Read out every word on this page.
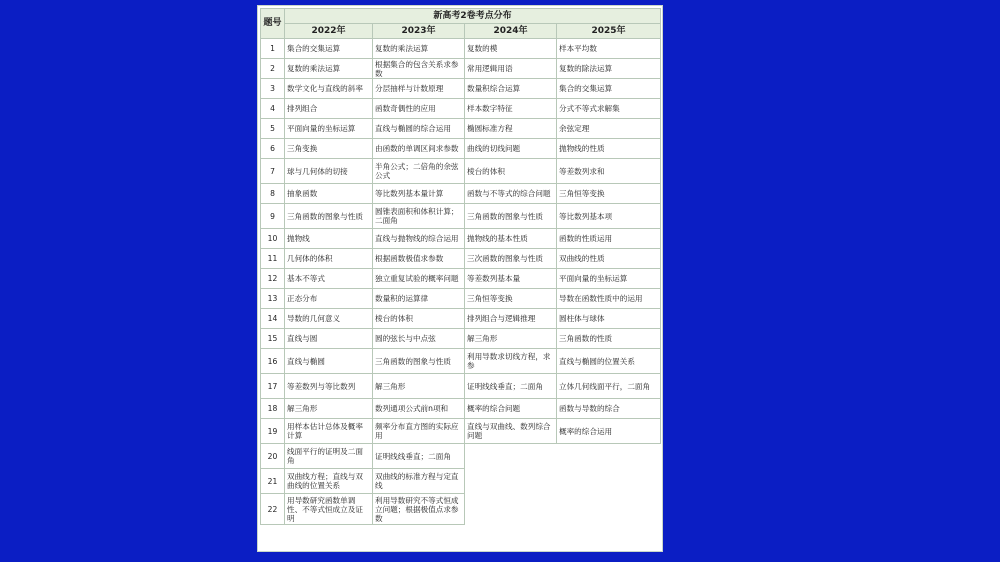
题号	新高考2卷考点分布			
	2022年	2023年	2024年	2025年
1	集合的交集运算	复数的乘法运算	复数的模	样本平均数
2	复数的乘法运算	根据集合的包含关系求参数	常用逻辑用语	复数的除法运算
3	数学文化与直线的斜率	分层抽样与计数原理	数量积综合运算	集合的交集运算
4	排列组合	函数奇偶性的应用	样本数字特征	分式不等式求解集
5	平面向量的坐标运算	直线与椭圆的综合运用	椭圆标准方程	余弦定理
6	三角变换	由函数的单调区间求参数	曲线的切线问题	抛物线的性质
7	球与几何体的切接	半角公式；二倍角的余弦公式	棱台的体积	等差数列求和
8	抽象函数	等比数列基本量计算	函数与不等式的综合问题	三角恒等变换
9	三角函数的图象与性质	圆锥表面积和体积计算；二面角	三角函数的图象与性质	等比数列基本项
10	抛物线	直线与抛物线的综合运用	抛物线的基本性质	函数的性质运用
11	几何体的体积	根据函数极值求参数	三次函数的图象与性质	双曲线的性质
12	基本不等式	独立重复试验的概率问题	等差数列基本量	平面向量的坐标运算
13	正态分布	数量积的运算律	三角恒等变换	导数在函数性质中的运用
14	导数的几何意义	棱台的体积	排列组合与逻辑推理	圆柱体与球体
15	直线与圆	圆的弦长与中点弦	解三角形	三角函数的性质
16	直线与椭圆	三角函数的图象与性质	利用导数求切线方程，求参	直线与椭圆的位置关系
17	等差数列与等比数列	解三角形	证明线线垂直；二面角	立体几何线面平行，二面角
18	解三角形	数列通项公式前n项和	概率的综合问题	函数与导数的综合
19	用样本估计总体及概率计算	频率分布直方图的实际应用	直线与双曲线、数列综合问题	概率的综合运用
20	线面平行的证明及二面角	证明线线垂直；二面角		
21	双曲线方程；直线与双曲线的位置关系	双曲线的标准方程与定直线		
22	用导数研究函数单调性、不等式恒成立及证明	利用导数研究不等式恒成立问题；根据极值点求参数		
